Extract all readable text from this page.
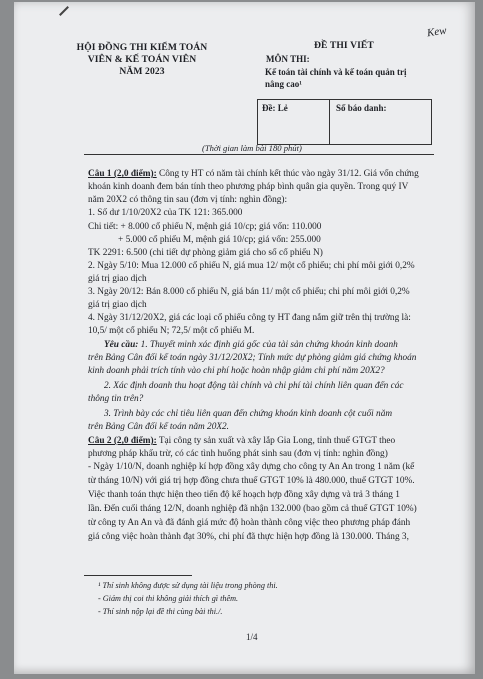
HỘI ĐỒNG THI KIỂM TOÁN
VIÊN & KẾ TOÁN VIÊN
NĂM 2023
ĐỀ THI VIẾT
MÔN THI:
Kế toán tài chính và kế toán quản trị
nâng cao¹
Kew
Đề: Lẻ	Số báo danh:
(Thời gian làm bài 180 phút)
Câu 1 (2,0 điểm): Công ty HT có năm tài chính kết thúc vào ngày 31/12. Giá vốn chứng
khoán kinh doanh đem bán tính theo phương pháp bình quân gia quyền. Trong quý IV
năm 20X2 có thông tin sau (đơn vị tính: nghìn đồng):
1. Số dư 1/10/20X2 của TK 121: 365.000
Chi tiết: + 8.000 cổ phiếu N, mệnh giá 10/cp; giá vốn: 110.000
+ 5.000 cổ phiếu M, mệnh giá 10/cp; giá vốn: 255.000
TK 2291: 6.500 (chi tiết dự phòng giảm giá cho số cổ phiếu N)
2. Ngày 5/10: Mua 12.000 cổ phiếu N, giá mua 12/ một cổ phiếu; chi phí môi giới 0,2%
giá trị giao dịch
3. Ngày 20/12: Bán 8.000 cổ phiếu N, giá bán 11/ một cổ phiếu; chi phí môi giới 0,2%
giá trị giao dịch
4. Ngày 31/12/20X2, giá các loại cổ phiếu công ty HT đang nắm giữ trên thị trường là:
10,5/ một cổ phiếu N; 72,5/ một cổ phiếu M.
Yêu cầu: 1. Thuyết minh xác định giá gốc của tài sản chứng khoán kinh doanh
trên Bảng Cân đối kế toán ngày 31/12/20X2; Tính mức dự phòng giảm giá chứng khoán
kinh doanh phải trích tính vào chi phí hoặc hoàn nhập giảm chi phí năm 20X2?
2. Xác định doanh thu hoạt động tài chính và chi phí tài chính liên quan đến các
thông tin trên?
3. Trình bày các chỉ tiêu liên quan đến chứng khoán kinh doanh cột cuối năm
trên Bảng Cân đối kế toán năm 20X2.
Câu 2 (2,0 điểm): Tại công ty sản xuất và xây lắp Gia Long, tỉnh thuế GTGT theo
phương pháp khấu trừ, có các tình huống phát sinh sau (đơn vị tính: nghìn đồng)
- Ngày 1/10/N, doanh nghiệp kí hợp đồng xây dựng cho công ty An An trong 1 năm (kể
từ tháng 10/N) với giá trị hợp đồng chưa thuế GTGT 10% là 480.000, thuế GTGT 10%.
Việc thanh toán thực hiện theo tiến độ kế hoạch hợp đồng xây dựng và trả 3 tháng 1
lần. Đến cuối tháng 12/N, doanh nghiệp đã nhận 132.000 (bao gồm cả thuế GTGT 10%)
từ công ty An An và đã đánh giá mức độ hoàn thành công việc theo phương pháp đánh
giá công việc hoàn thành đạt 30%, chi phí đã thực hiện hợp đồng là 130.000. Tháng 3,
¹ Thí sinh không được sử dụng tài liệu trong phòng thi.
- Giám thị coi thi không giải thích gì thêm.
- Thí sinh nộp lại đề thi cùng bài thi./.
1/4
